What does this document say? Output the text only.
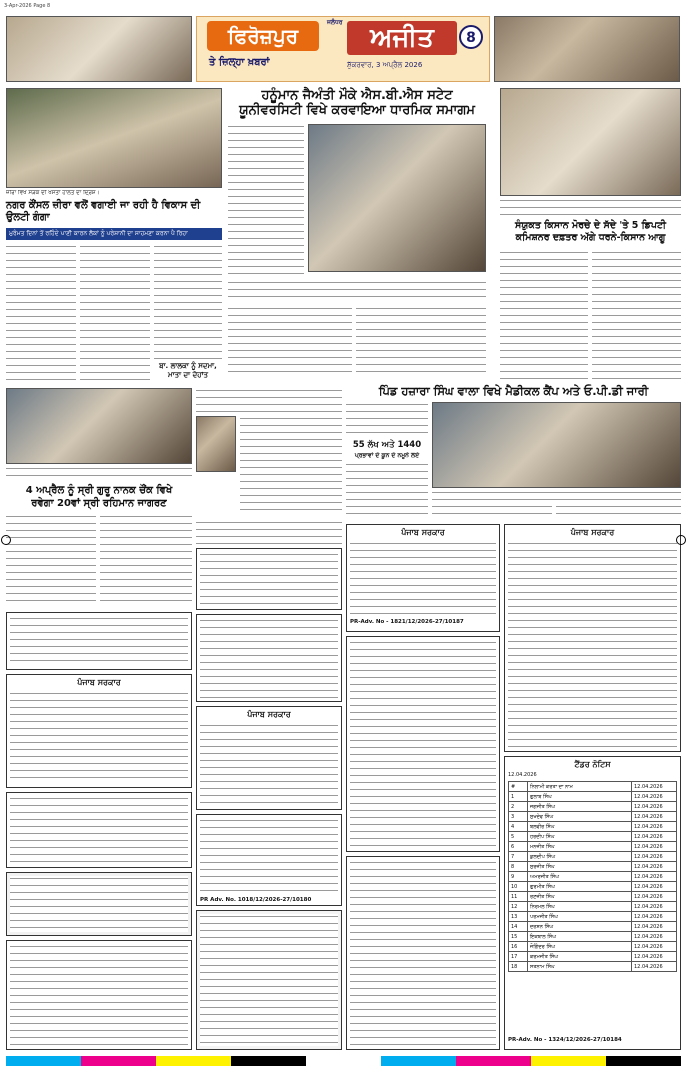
3-Apr-2026 Page 8
ਫਿਰੋਜ਼ਪੁਰ
ਜਲੰਧਰ
ਅਜੀਤ	8
ਤੇ ਜ਼ਿਲ੍ਹਾ ਖ਼ਬਰਾਂ	ਸ਼ੁੱਕਰਵਾਰ, 3 ਅਪ੍ਰੈਲ 2026
ਜ਼ੀਰਾ ਵਿਖੇ ਸੜਕ ਦੀ ਖਸਤਾ ਹਾਲਤ ਦਾ ਦ੍ਰਿਸ਼।
ਹਨੂੰਮਾਨ ਜੈਅੰਤੀ ਮੌਕੇ ਐਸ.ਬੀ.ਐਸ ਸਟੇਟ
ਯੂਨੀਵਰਸਿਟੀ ਵਿਖੇ ਕਰਵਾਇਆ ਧਾਰਮਿਕ ਸਮਾਗਮ
ਸੰਯੁਕਤ ਕਿਸਾਨ ਮੋਰਚੇ ਦੇ ਸੱਦੇ 'ਤੇ 5 ਡਿਪਟੀ
ਕਮਿਸ਼ਨਰ ਦਫ਼ਤਰ ਅੱਗੇ ਧਰਨੇ-ਕਿਸਾਨ ਆਗੂ
ਨਗਰ ਕੌਂਸਲ ਜ਼ੀਰਾ ਵਲੋਂ ਵਗਾਈ ਜਾ ਰਹੀ ਹੈ ਵਿਕਾਸ ਦੀ ਉਲਟੀ ਗੰਗਾ
ਮੁਰੰਮਤ ਦਿਨਾਂ ਤੋਂ ਰਹਿੰਦੇ ਪਾਣੀ ਕਾਰਨ ਲੋਕਾਂ ਨੂੰ ਪਰੇਸ਼ਾਨੀ ਦਾ ਸਾਹਮਣਾ ਕਰਨਾ ਪੈ ਰਿਹਾ
ਬਾ. ਲਾਲਕਾ ਨੂੰ ਸਦਮਾ,
ਮਾਤਾ ਦਾ ਦੇਹਾਂਤ
4 ਅਪ੍ਰੈਲ ਨੂੰ ਸ੍ਰੀ ਗੁਰੂ ਨਾਨਕ ਚੌਂਕ ਵਿਖੇ
ਰਵੇਗਾ 20ਵਾਂ ਸ੍ਰੀ ਰਹਿਮਾਨ ਜਾਗਰਣ
ਪਿੰਡ ਹਜ਼ਾਰਾ ਸਿੰਘ ਵਾਲਾ ਵਿਖੇ ਮੈਡੀਕਲ ਕੈਂਪ ਅਤੇ ਓ.ਪੀ.ਡੀ ਜਾਰੀ
55 ਲੱਖ ਅਤੇ 1440
ਪ੍ਰਭਾਵਾਂ ਦੇ ਕੂਨ ਦੇ ਨਮੂਨੇ ਲਏ
ਪੰਜਾਬ ਸਰਕਾਰ
ਪੰਜਾਬ ਸਰਕਾਰ
PR Adv. No. 1018/12/2026-27/10180
ਪੰਜਾਬ ਸਰਕਾਰ
PR-Adv. No - 1821/12/2026-27/10187
ਪੰਜਾਬ ਸਰਕਾਰ
ਟੈਂਡਰ ਨੋਟਿਸ
12.04.2026
#	ਨਿਲਾਮੀ ਕਰਤਾ ਦਾ ਨਾਮ	12.04.2026
1	ਗੁਲਾਬ ਸਿੰਘ	12.04.2026
2	ਜਗਜੀਤ ਸਿੰਘ	12.04.2026
3	ਸੁਖਦੇਵ ਸਿੰਘ	12.04.2026
4	ਬਲਵੀਰ ਸਿੰਘ	12.04.2026
5	ਹਰਦੀਪ ਸਿੰਘ	12.04.2026
6	ਮਨਜੀਤ ਸਿੰਘ	12.04.2026
7	ਕੁਲਦੀਪ ਸਿੰਘ	12.04.2026
8	ਸੁਰਜੀਤ ਸਿੰਘ	12.04.2026
9	ਅਮਰਜੀਤ ਸਿੰਘ	12.04.2026
10	ਗੁਰਮੀਤ ਸਿੰਘ	12.04.2026
11	ਰਣਜੀਤ ਸਿੰਘ	12.04.2026
12	ਨਿਰਮਲ ਸਿੰਘ	12.04.2026
13	ਪਰਮਜੀਤ ਸਿੰਘ	12.04.2026
14	ਦਰਸ਼ਨ ਸਿੰਘ	12.04.2026
15	ਇਕਬਾਲ ਸਿੰਘ	12.04.2026
16	ਜੋਗਿੰਦਰ ਸਿੰਘ	12.04.2026
17	ਕਰਮਜੀਤ ਸਿੰਘ	12.04.2026
18	ਸਤਨਾਮ ਸਿੰਘ	12.04.2026
PR-Adv. No - 1324/12/2026-27/10184
